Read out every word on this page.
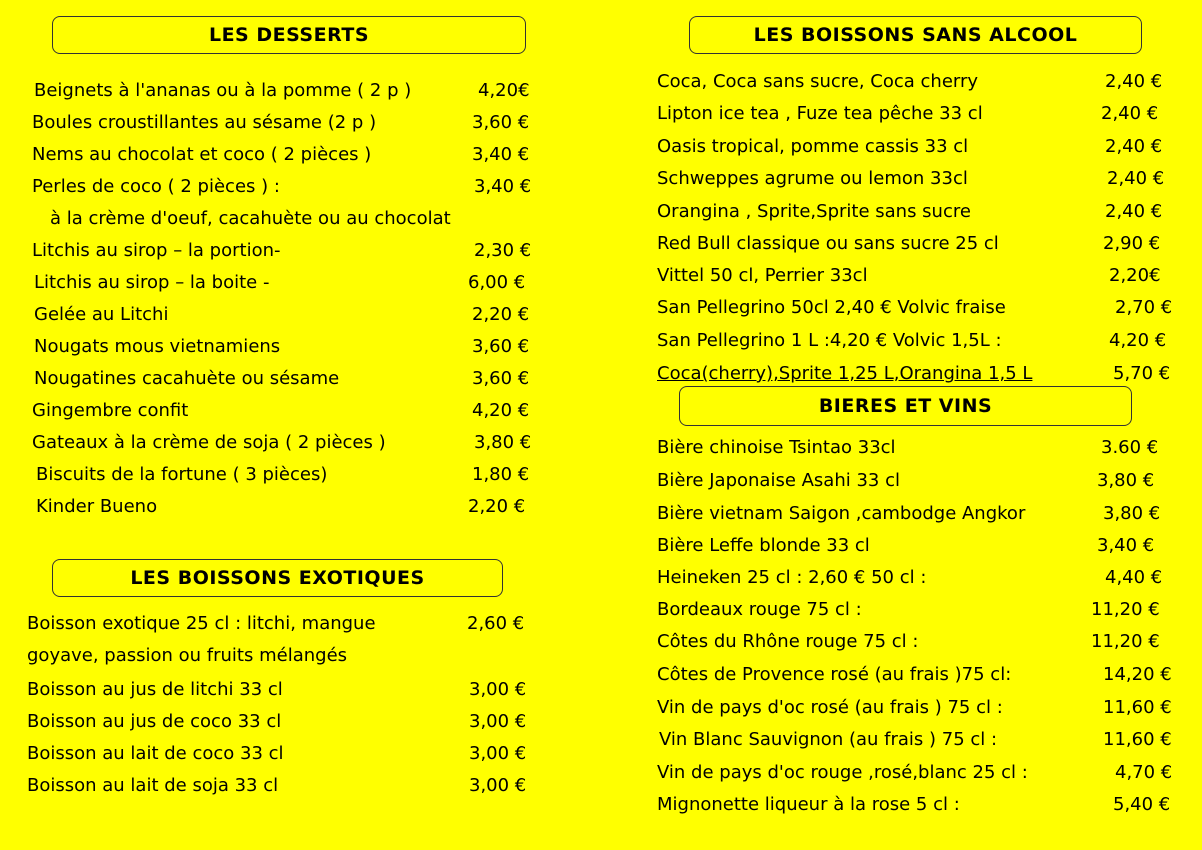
LES DESSERTS
Beignets à l'ananas ou à la pomme ( 2 p )	4,20€
Boules croustillantes au sésame (2 p )	3,60 €
Nems au chocolat et coco ( 2 pièces )	3,40 €
Perles de coco ( 2 pièces ) :	3,40 €
à la crème d'oeuf, cacahuète ou au chocolat
Litchis au sirop – la portion-	2,30 €
Litchis au sirop – la boite -	6,00 €
Gelée au Litchi	2,20 €
Nougats mous vietnamiens	3,60 €
Nougatines cacahuète ou sésame	3,60 €
Gingembre confit	4,20 €
Gateaux à la crème de soja ( 2 pièces )	3,80 €
Biscuits de la fortune ( 3 pièces)	1,80 €
Kinder Bueno	2,20 €
LES BOISSONS EXOTIQUES
Boisson exotique 25 cl : litchi, mangue	2,60 €
goyave, passion ou fruits mélangés
Boisson au jus de litchi 33 cl	3,00 €
Boisson au jus de coco 33 cl	3,00 €
Boisson au lait de coco 33 cl	3,00 €
Boisson au lait de soja 33 cl	3,00 €
LES BOISSONS SANS ALCOOL
Coca, Coca sans sucre, Coca cherry	2,40 €
Lipton ice tea , Fuze tea pêche 33 cl	2,40 €
Oasis tropical, pomme cassis 33 cl	2,40 €
Schweppes agrume ou lemon 33cl	2,40 €
Orangina , Sprite,Sprite sans sucre	2,40 €
Red Bull classique ou sans sucre 25 cl	2,90 €
Vittel 50 cl, Perrier 33cl	2,20€
San Pellegrino 50cl 2,40 € Volvic fraise	2,70 €
San Pellegrino 1 L :4,20 € Volvic 1,5L :	4,20 €
Coca(cherry),Sprite 1,25 L,Orangina 1,5 L	5,70 €
BIERES ET VINS
Bière chinoise Tsintao 33cl	3.60 €
Bière Japonaise Asahi 33 cl	3,80 €
Bière vietnam Saigon ,cambodge Angkor	3,80 €
Bière Leffe blonde 33 cl	3,40 €
Heineken 25 cl : 2,60 € 50 cl :	4,40 €
Bordeaux rouge 75 cl :	11,20 €
Côtes du Rhône rouge 75 cl :	11,20 €
Côtes de Provence rosé (au frais )75 cl:	14,20 €
Vin de pays d'oc rosé (au frais ) 75 cl :	11,60 €
Vin Blanc Sauvignon (au frais ) 75 cl :	11,60 €
Vin de pays d'oc rouge ,rosé,blanc 25 cl :	4,70 €
Mignonette liqueur à la rose 5 cl :	5,40 €
